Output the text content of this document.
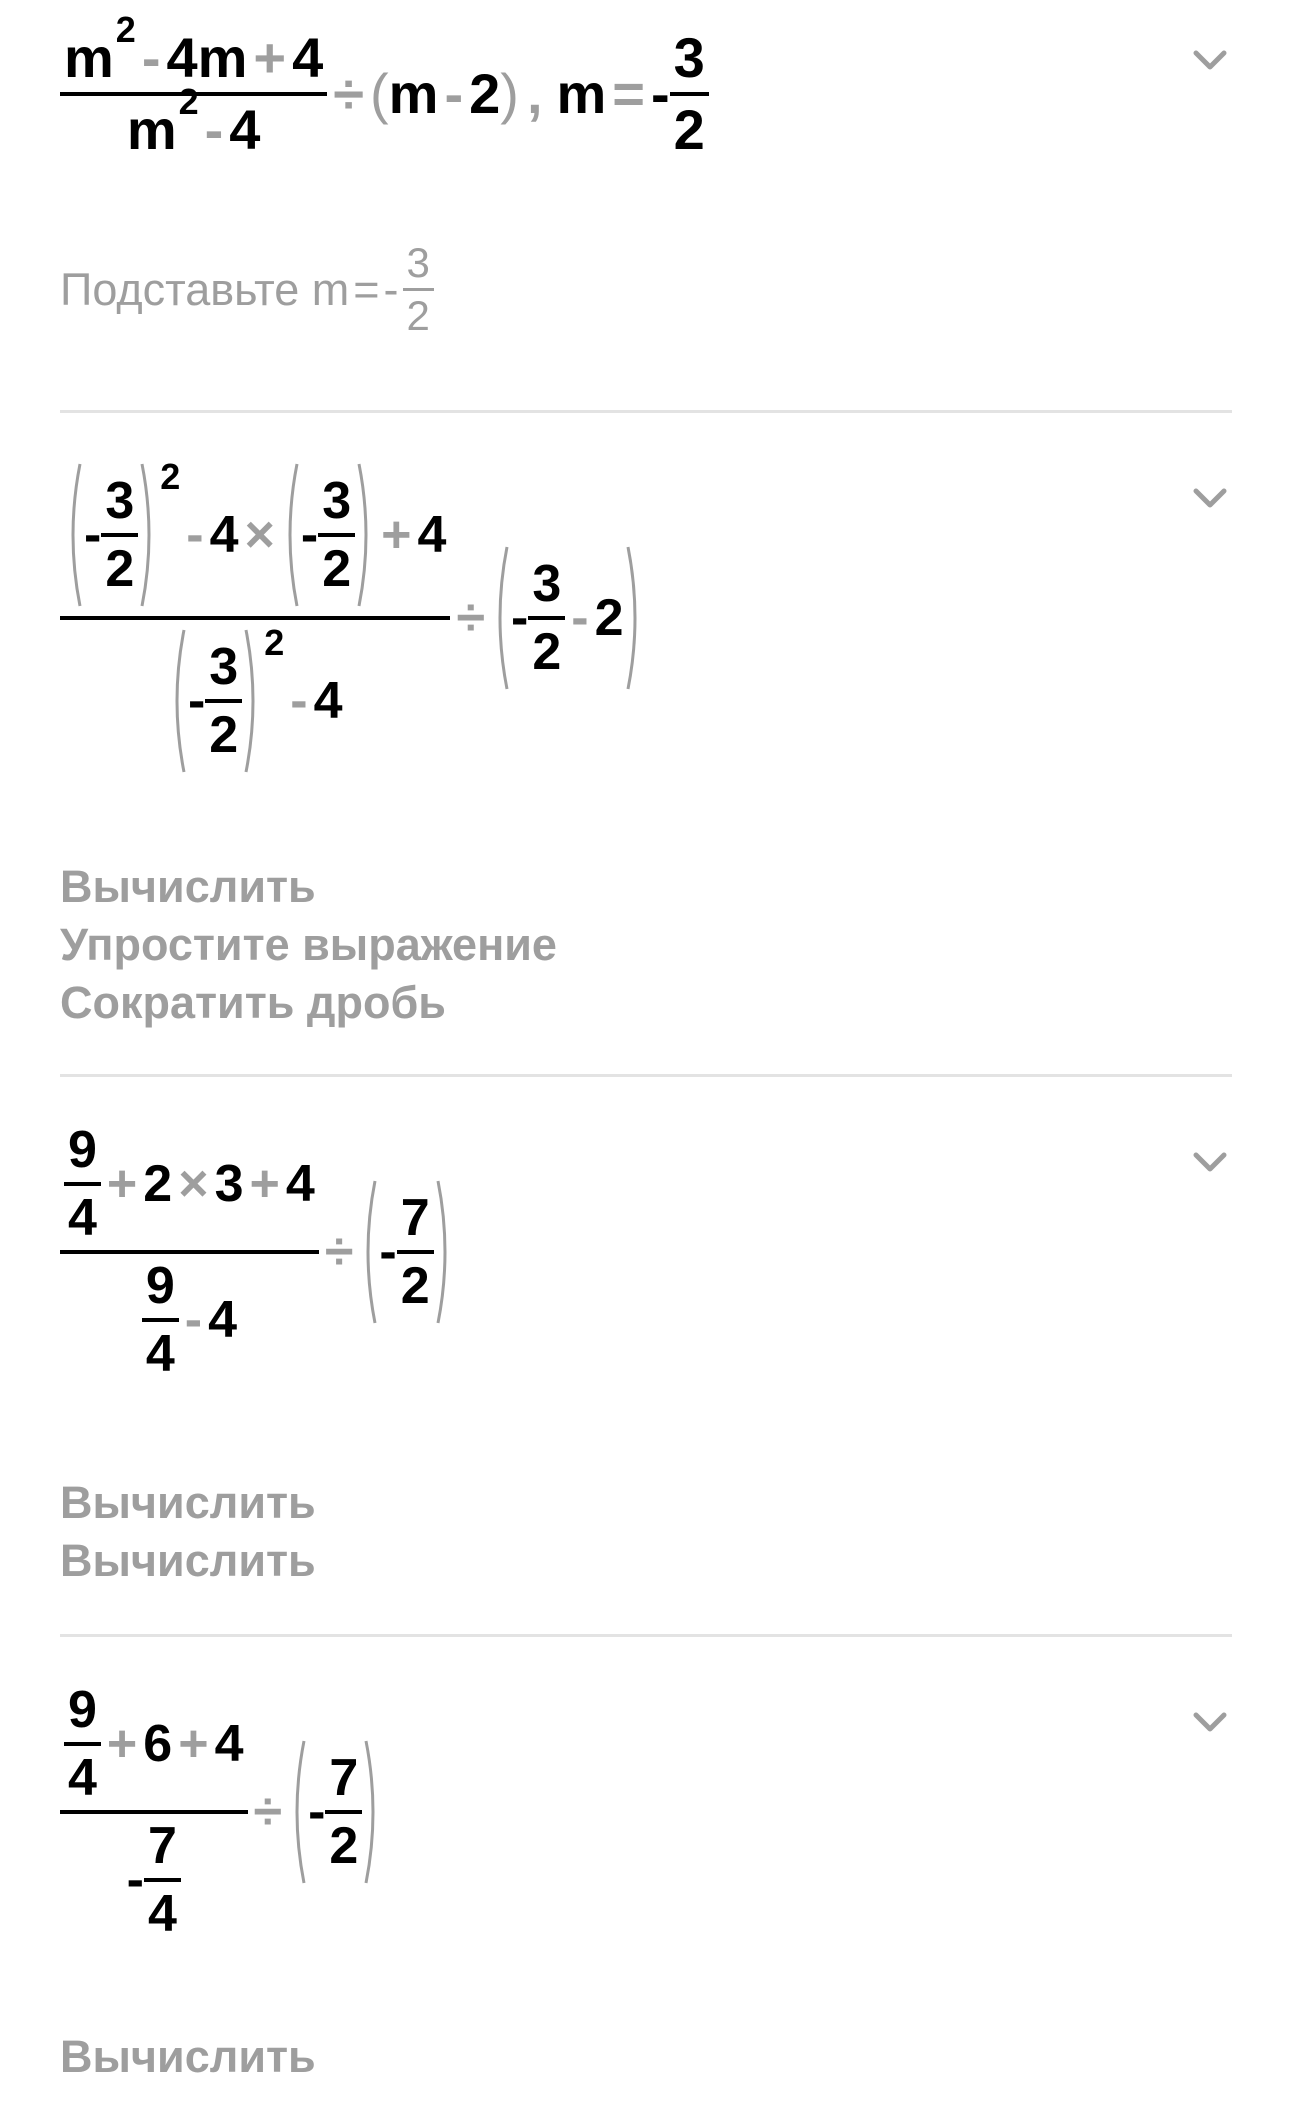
$\frac{m 2 - 4m + 4}{m 2 - 4}$ ÷ ( m - 2 ) , m = - $\frac{3}{2}$
Подставьте m = - $\frac{3}{2}$
- $\frac{3}{2} 2$
- 4 × - $\frac{3}{2} + 4$
- $\frac{3}{2} 2$
- 4
÷ - $\frac{3}{2} - 2$
Вычислить
Упростите выражение
Сократить дробь
$\frac{9}{4} + 2 \times 3 + 4$
$\frac{9}{4} - 4$
÷ - $\frac{7}{2}$
Вычислить
Вычислить
$\frac{\frac{9}{4} + 6 + 4}{- \frac{7}{4}}$ ÷ - $\frac{7}{2}$
Вычислить
